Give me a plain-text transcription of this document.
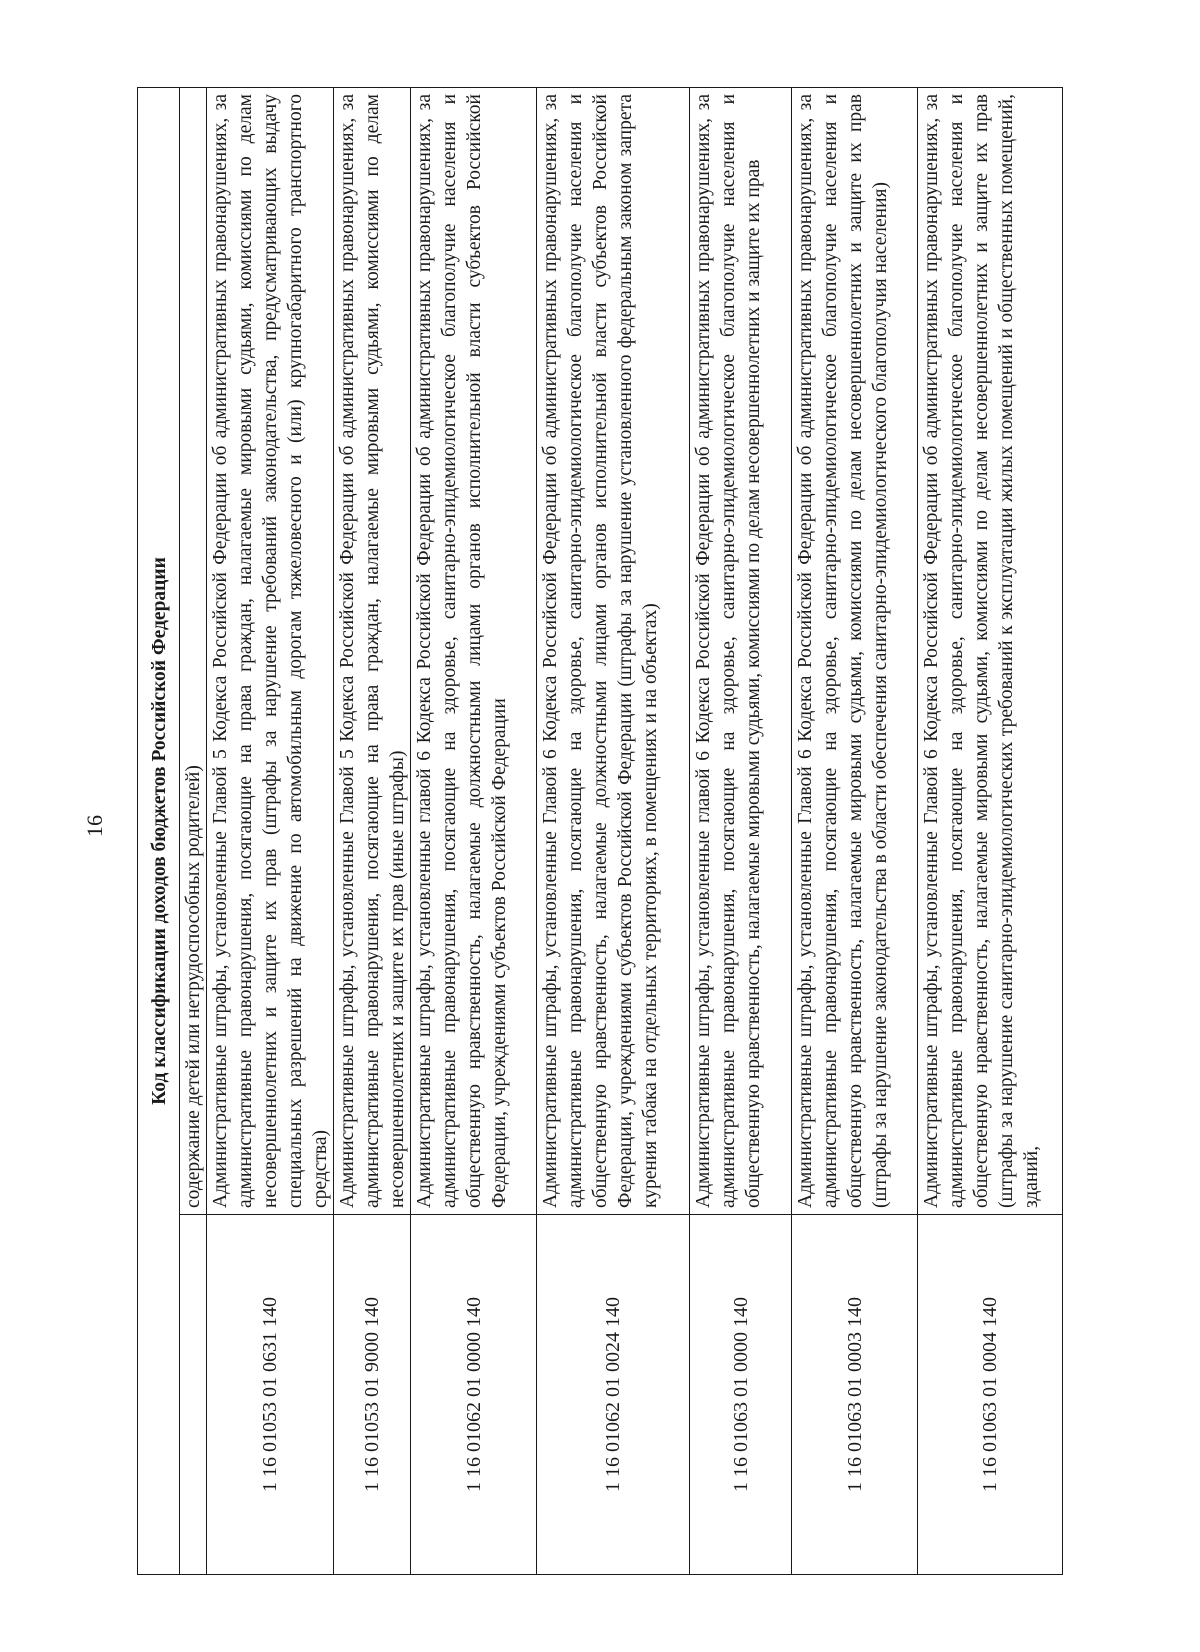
16 Код классификации доходов бюджетов Российской Федерации	
	содержание детей или нетрудоспособных родителей)
1 16 01053 01 0631 140	Административные штрафы, установленные Главой 5 Кодекса Российской Федерации об административных правонарушениях, за административные правонарушения, посягающие на права граждан, налагаемые мировыми судьями, комиссиями по делам несовершеннолетних и защите их прав (штрафы за нарушение требований законодательства, предусматривающих выдачу специальных разрешений на движение по автомобильным дорогам тяжеловесного и (или) крупногабаритного транспортного средства)
1 16 01053 01 9000 140	Административные штрафы, установленные Главой 5 Кодекса Российской Федерации об административных правонарушениях, за административные правонарушения, посягающие на права граждан, налагаемые мировыми судьями, комиссиями по делам несовершеннолетних и защите их прав (иные штрафы)
1 16 01062 01 0000 140	Административные штрафы, установленные главой 6 Кодекса Российской Федерации об административных правонарушениях, за административные правонарушения, посягающие на здоровье, санитарно-эпидемиологическое благополучие населения и общественную нравственность, налагаемые должностными лицами органов исполнительной власти субъектов Российской Федерации, учреждениями субъектов Российской Федерации
1 16 01062 01 0024 140	Административные штрафы, установленные Главой 6 Кодекса Российской Федерации об административных правонарушениях, за административные правонарушения, посягающие на здоровье, санитарно-эпидемиологическое благополучие населения и общественную нравственность, налагаемые должностными лицами органов исполнительной власти субъектов Российской Федерации, учреждениями субъектов Российской Федерации (штрафы за нарушение установленного федеральным законом запрета курения табака на отдельных территориях, в помещениях и на объектах)
1 16 01063 01 0000 140	Административные штрафы, установленные главой 6 Кодекса Российской Федерации об административных правонарушениях, за административные правонарушения, посягающие на здоровье, санитарно-эпидемиологическое благополучие населения и общественную нравственность, налагаемые мировыми судьями, комиссиями по делам несовершеннолетних и защите их прав
1 16 01063 01 0003 140	Административные штрафы, установленные Главой 6 Кодекса Российской Федерации об административных правонарушениях, за административные правонарушения, посягающие на здоровье, санитарно-эпидемиологическое благополучие населения и общественную нравственность, налагаемые мировыми судьями, комиссиями по делам несовершеннолетних и защите их прав (штрафы за нарушение законодательства в области обеспечения санитарно-эпидемиологического благополучия населения)
1 16 01063 01 0004 140	Административные штрафы, установленные Главой 6 Кодекса Российской Федерации об административных правонарушениях, за административные правонарушения, посягающие на здоровье, санитарно-эпидемиологическое благополучие населения и общественную нравственность, налагаемые мировыми судьями, комиссиями по делам несовершеннолетних и защите их прав (штрафы за нарушение санитарно-эпидемиологических требований к эксплуатации жилых помещений и общественных помещений, зданий,
